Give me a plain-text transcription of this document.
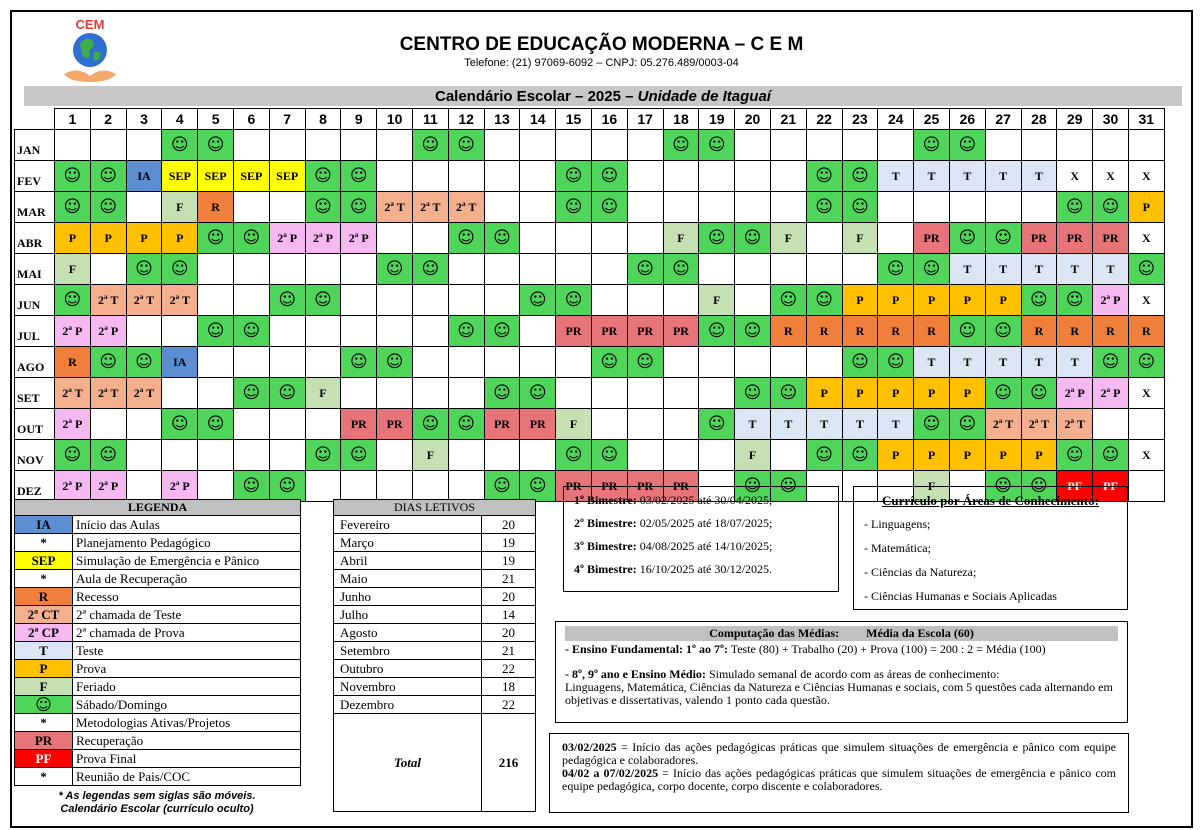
CEM
CENTRO DE EDUCAÇÃO MODERNA – C E M
Telefone: (21) 97069-6092 – CNPJ: 05.276.489/0003-04
Calendário Escolar – 2025 – Unidade de Itaguaí
	1	2	3	4	5	6	7	8	9	10	11	12	13	14	15	16	17	18	19	20	21	22	23	24	25	26	27	28	29	30	31
JAN				☺	☺						☺	☺						☺	☺						☺	☺					
FEV	☺	☺	IA	SEP	SEP	SEP	SEP	☺	☺						☺	☺						☺	☺	T	T	T	T	T	X	X	X
MAR	☺	☺		F	R			☺	☺	2ª T	2ª T	2ª T			☺	☺						☺	☺						☺	☺	P
ABR	P	P	P	P	☺	☺	2ª P	2ª P	2ª P			☺	☺					F	☺	☺	F		F		PR	☺	☺	PR	PR	PR	X
MAI	F		☺	☺						☺	☺						☺	☺						☺	☺	T	T	T	T	T	☺
JUN	☺	2ª T	2ª T	2ª T			☺	☺						☺	☺				F		☺	☺	P	P	P	P	P	☺	☺	2ª P	X
JUL	2ª P	2ª P			☺	☺						☺	☺		PR	PR	PR	PR	☺	☺	R	R	R	R	R	☺	☺	R	R	R	R
AGO	R	☺	☺	IA					☺	☺						☺	☺						☺	☺	T	T	T	T	T	☺	☺
SET	2ª T	2ª T	2ª T			☺	☺	F					☺	☺						☺	☺	P	P	P	P	P	☺	☺	2ª P	2ª P	X
OUT	2ª P			☺	☺				PR	PR	☺	☺	PR	PR	F				☺	T	T	T	T	T	☺	☺	2ª T	2ª T	2ª T		
NOV	☺	☺						☺	☺		F				☺	☺				F		☺	☺	P	P	P	P	P	☺	☺	X
DEZ	2ª P	2ª P		2ª P		☺	☺						☺	☺	PR	PR	PR	PR		☺	☺				F		☺	☺	PF	PF	
LEGENDA	
IA	Início das Aulas
*	Planejamento Pedagógico
SEP	Simulação de Emergência e Pânico
*	Aula de Recuperação
R	Recesso
2ª CT	2ª chamada de Teste
2ª CP	2ª chamada de Prova
T	Teste
P	Prova
F	Feriado
☺	Sábado/Domingo
*	Metodologias Ativas/Projetos
PR	Recuperação
PF	Prova Final
*	Reunião de Pais/COC
* As legendas sem siglas são móveis.
Calendário Escolar (currículo oculto)
DIAS LETIVOS	
Fevereiro	20
Março	19
Abril	19
Maio	21
Junho	20
Julho	14
Agosto	20
Setembro	21
Outubro	22
Novembro	18
Dezembro	22
Total	216
1º Bimestre: 03/02/2025 até 30/04/2025;
2º Bimestre: 02/05/2025 até 18/07/2025;
3º Bimestre: 04/08/2025 até 14/10/2025;
4º Bimestre: 16/10/2025 até 30/12/2025.
Currículo por Áreas de Conhecimento:
- Linguagens;
- Matemática;
- Ciências da Natureza;
- Ciências Humanas e Sociais Aplicadas
Computação das Médias: Média da Escola (60)
- Ensino Fundamental: 1º ao 7º: Teste (80) + Trabalho (20) + Prova (100) = 200 : 2 = Média (100)
- 8º, 9º ano e Ensino Médio: Simulado semanal de acordo com as áreas de conhecimento:
Linguagens, Matemática, Ciências da Natureza e Ciências Humanas e sociais, com 5 questões cada alternando em objetivas e dissertativas, valendo 1 ponto cada questão.
03/02/2025 = Início das ações pedagógicas práticas que simulem situações de emergência e pânico com equipe pedagógica e colaboradores.
04/02 a 07/02/2025 = Início das ações pedagógicas práticas que simulem situações de emergência e pânico com equipe pedagógica, corpo docente, corpo discente e colaboradores.
